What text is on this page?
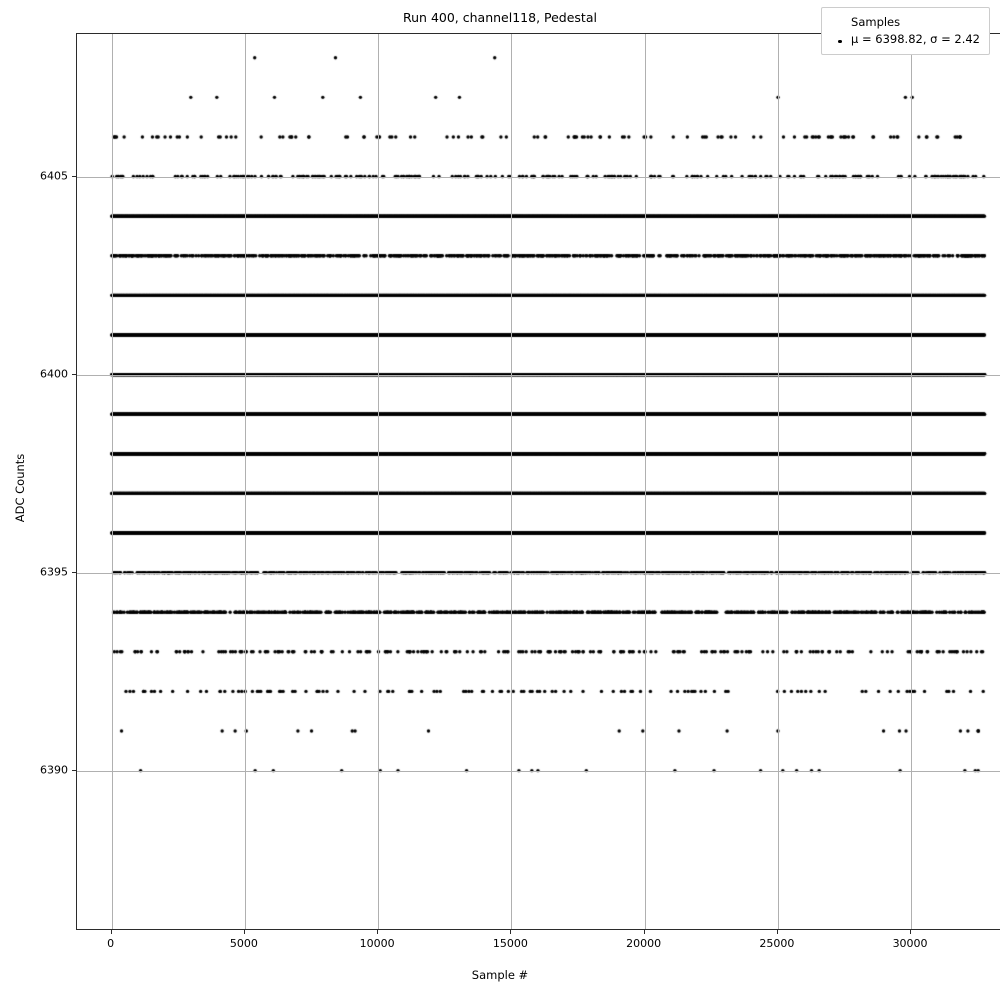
Run 400, channel118, Pedestal
0	5000	10000	15000	20000	25000	30000
6390
6395
6400
6405
Sample #
ADC Counts
Samples
μ = 6398.82, σ = 2.42
